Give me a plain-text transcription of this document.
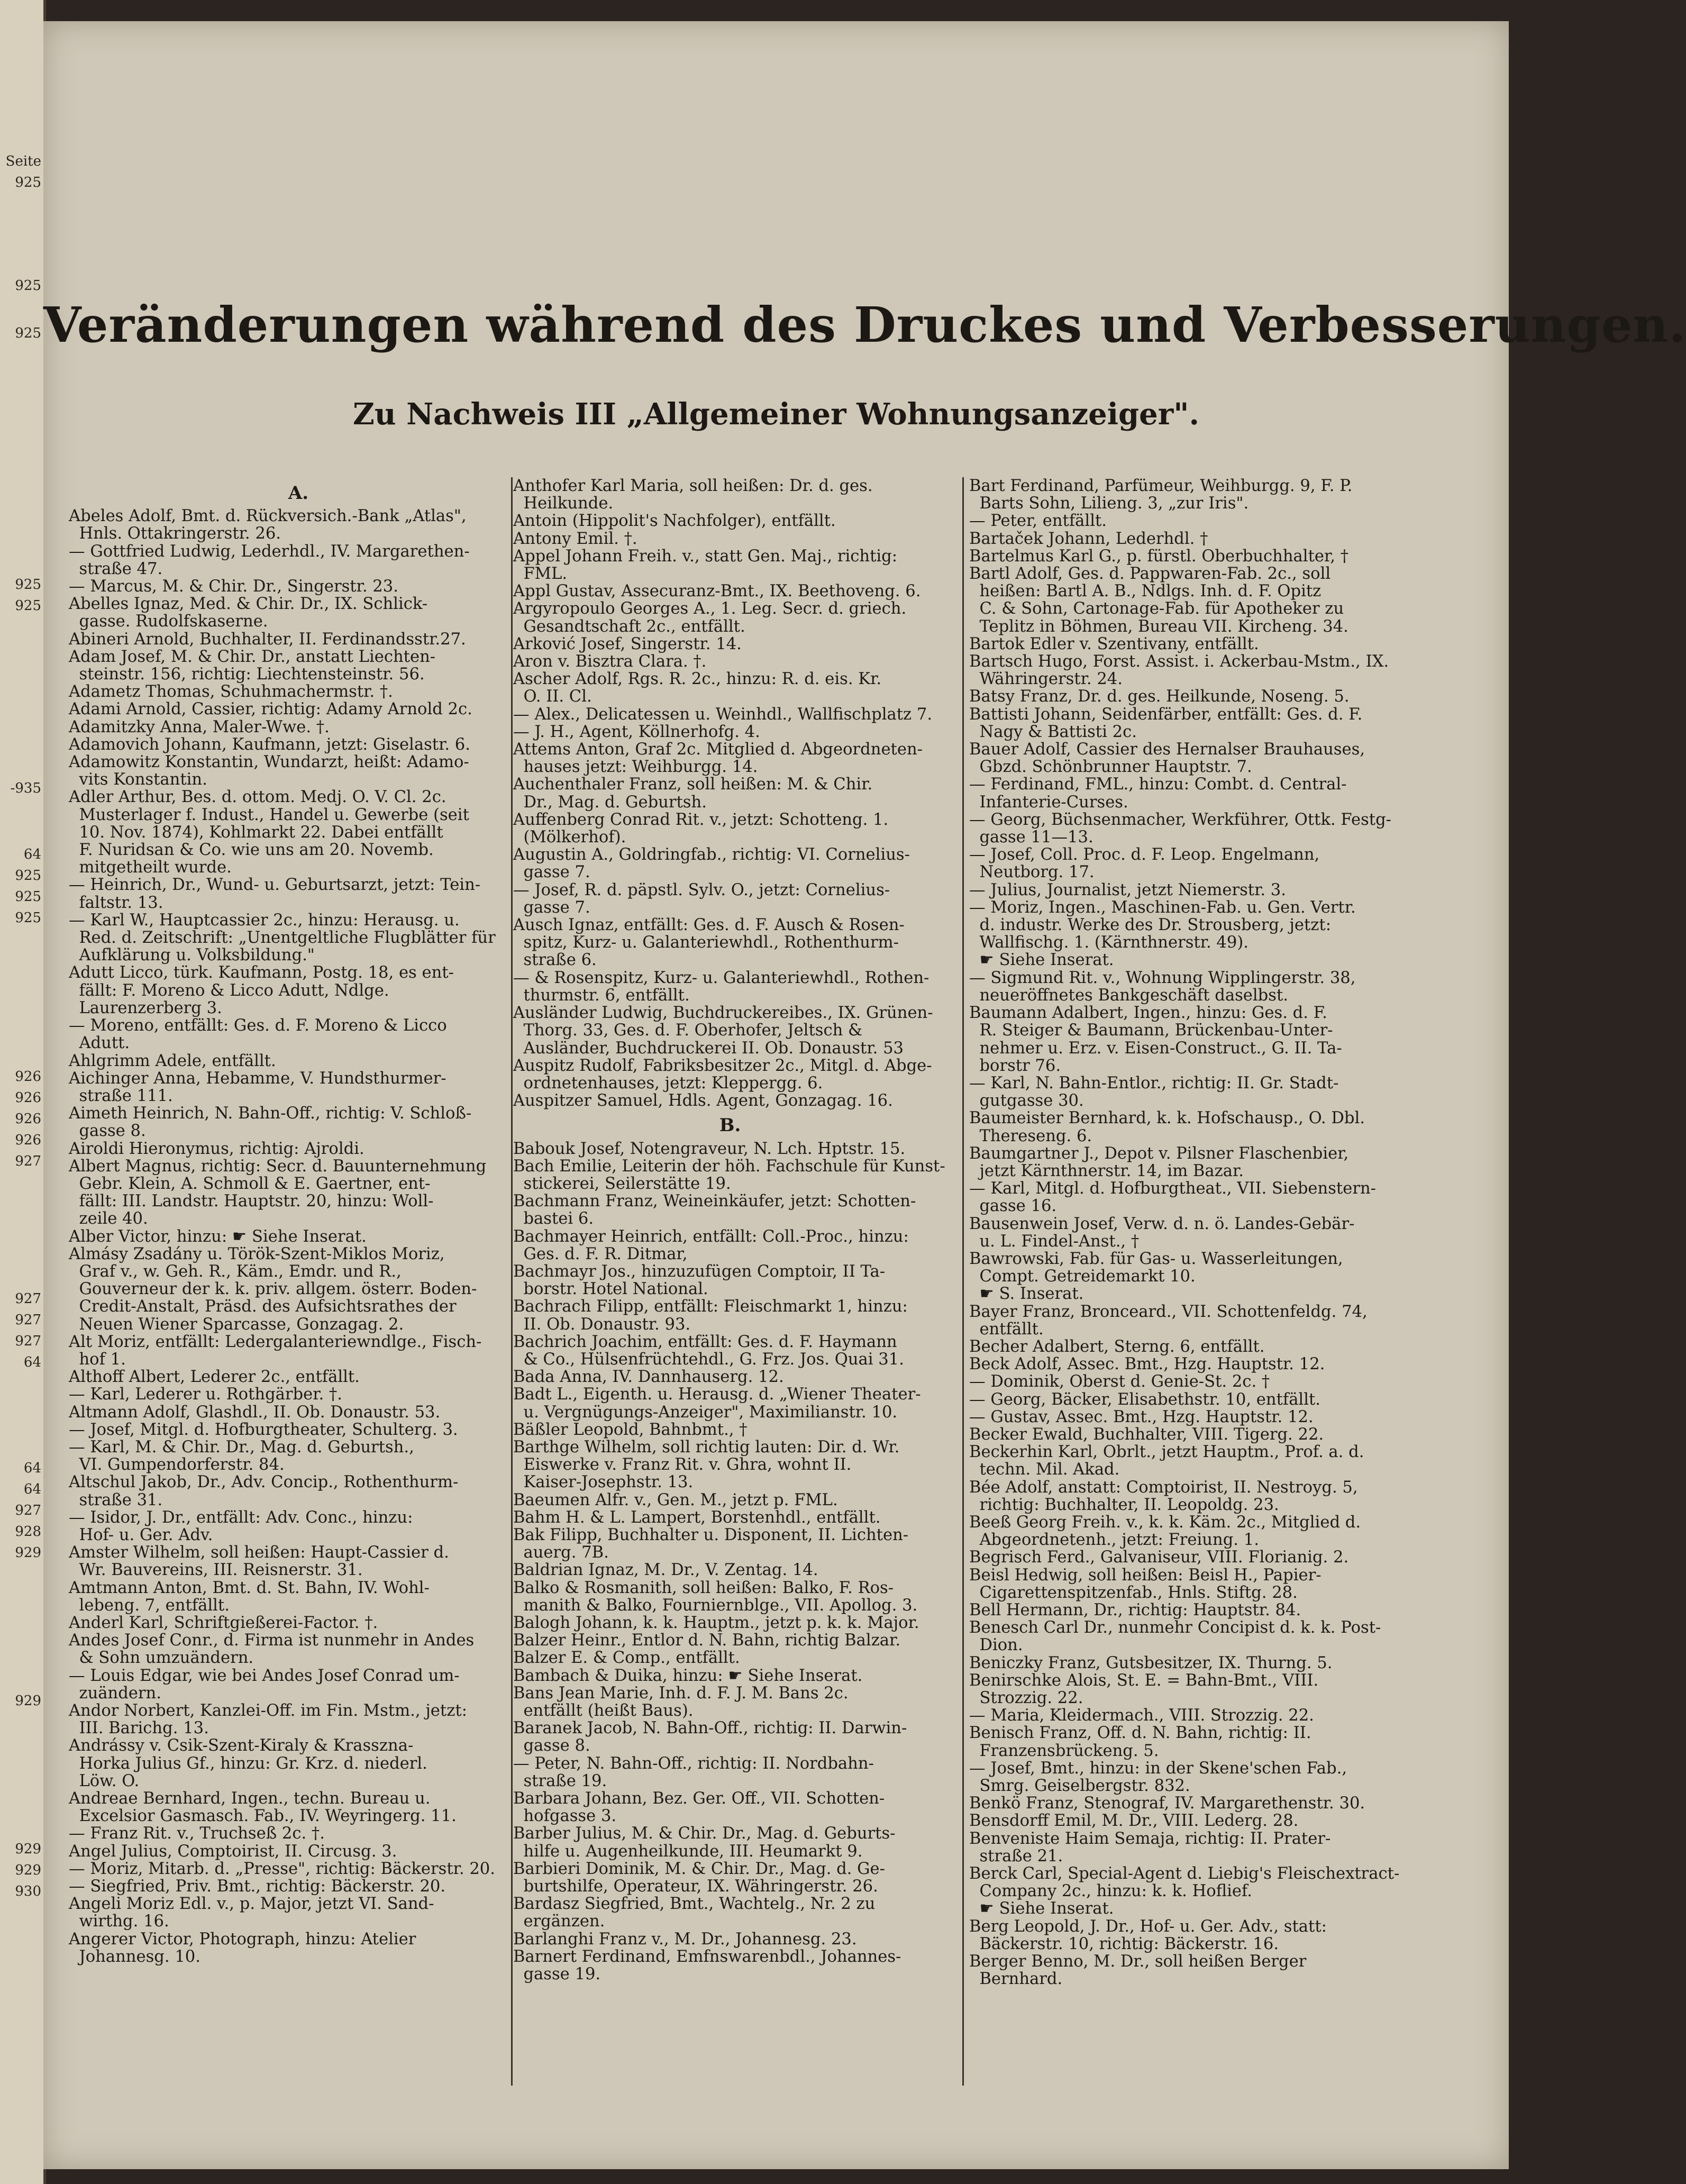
Seite
925
925
925
925
925
-935
64
925
925
925
926
926
926
926
927
927
927
927
64
64
64
927
928
929
929
929
929
930
Veränderungen während des Druckes und Verbesserungen.
Zu Nachweis III „Allgemeiner Wohnungsanzeiger".

A.

Abeles Adolf, Bmt. d. Rückversich.-Bank „Atlas",

Hnls. Ottakringerstr. 26.

— Gottfried Ludwig, Lederhdl., IV. Margarethen-

straße 47.

— Marcus, M. & Chir. Dr., Singerstr. 23.

Abelles Ignaz, Med. & Chir. Dr., IX. Schlick-

gasse. Rudolfskaserne.

Abineri Arnold, Buchhalter, II. Ferdinandsstr.27.

Adam Josef, M. & Chir. Dr., anstatt Liechten-

steinstr. 156, richtig: Liechtensteinstr. 56.

Adametz Thomas, Schuhmachermstr. †.

Adami Arnold, Cassier, richtig: Adamy Arnold 2c.

Adamitzky Anna, Maler-Wwe. †.

Adamovich Johann, Kaufmann, jetzt: Giselastr. 6.

Adamowitz Konstantin, Wundarzt, heißt: Adamo-

vits Konstantin.

Adler Arthur, Bes. d. ottom. Medj. O. V. Cl. 2c.

Musterlager f. Indust., Handel u. Gewerbe (seit

10. Nov. 1874), Kohlmarkt 22. Dabei entfällt

F. Nuridsan & Co. wie uns am 20. Novemb.

mitgetheilt wurde.

— Heinrich, Dr., Wund- u. Geburtsarzt, jetzt: Tein-

faltstr. 13.

— Karl W., Hauptcassier 2c., hinzu: Herausg. u.

Red. d. Zeitschrift: „Unentgeltliche Flugblätter für

Aufklärung u. Volksbildung."

Adutt Licco, türk. Kaufmann, Postg. 18, es ent-

fällt: F. Moreno & Licco Adutt, Ndlge.

Laurenzerberg 3.

— Moreno, entfällt: Ges. d. F. Moreno & Licco

Adutt.

Ahlgrimm Adele, entfällt.

Aichinger Anna, Hebamme, V. Hundsthurmer-

straße 111.

Aimeth Heinrich, N. Bahn-Off., richtig: V. Schloß-

gasse 8.

Airoldi Hieronymus, richtig: Ajroldi.

Albert Magnus, richtig: Secr. d. Bauunternehmung

Gebr. Klein, A. Schmoll & E. Gaertner, ent-

fällt: III. Landstr. Hauptstr. 20, hinzu: Woll-

zeile 40.

Alber Victor, hinzu: ☛ Siehe Inserat.

Almásy Zsadány u. Török-Szent-Miklos Moriz,

Graf v., w. Geh. R., Käm., Emdr. und R.,

Gouverneur der k. k. priv. allgem. österr. Boden-

Credit-Anstalt, Präsd. des Aufsichtsrathes der

Neuen Wiener Sparcasse, Gonzagag. 2.

Alt Moriz, entfällt: Ledergalanteriewndlge., Fisch-

hof 1.

Althoff Albert, Lederer 2c., entfällt.

— Karl, Lederer u. Rothgärber. †.

Altmann Adolf, Glashdl., II. Ob. Donaustr. 53.

— Josef, Mitgl. d. Hofburgtheater, Schulterg. 3.

— Karl, M. & Chir. Dr., Mag. d. Geburtsh.,

VI. Gumpendorferstr. 84.

Altschul Jakob, Dr., Adv. Concip., Rothenthurm-

straße 31.

— Isidor, J. Dr., entfällt: Adv. Conc., hinzu:

Hof- u. Ger. Adv.

Amster Wilhelm, soll heißen: Haupt-Cassier d.

Wr. Bauvereins, III. Reisnerstr. 31.

Amtmann Anton, Bmt. d. St. Bahn, IV. Wohl-

lebeng. 7, entfällt.

Anderl Karl, Schriftgießerei-Factor. †.

Andes Josef Conr., d. Firma ist nunmehr in Andes

& Sohn umzuändern.

— Louis Edgar, wie bei Andes Josef Conrad um-

zuändern.

Andor Norbert, Kanzlei-Off. im Fin. Mstm., jetzt:

III. Barichg. 13.

Andrássy v. Csik-Szent-Kiraly & Krasszna-

Horka Julius Gf., hinzu: Gr. Krz. d. niederl.

Löw. O.

Andreae Bernhard, Ingen., techn. Bureau u.

Excelsior Gasmasch. Fab., IV. Weyringerg. 11.

— Franz Rit. v., Truchseß 2c. †.

Angel Julius, Comptoirist, II. Circusg. 3.

— Moriz, Mitarb. d. „Presse", richtig: Bäckerstr. 20.

— Siegfried, Priv. Bmt., richtig: Bäckerstr. 20.

Angeli Moriz Edl. v., p. Major, jetzt VI. Sand-

wirthg. 16.

Angerer Victor, Photograph, hinzu: Atelier

Johannesg. 10.

Anthofer Karl Maria, soll heißen: Dr. d. ges.

Heilkunde.

Antoin (Hippolit's Nachfolger), entfällt.

Antony Emil. †.

Appel Johann Freih. v., statt Gen. Maj., richtig:

FML.

Appl Gustav, Assecuranz-Bmt., IX. Beethoveng. 6.

Argyropoulo Georges A., 1. Leg. Secr. d. griech.

Gesandtschaft 2c., entfällt.

Arković Josef, Singerstr. 14.

Aron v. Bisztra Clara. †.

Ascher Adolf, Rgs. R. 2c., hinzu: R. d. eis. Kr.

O. II. Cl.

— Alex., Delicatessen u. Weinhdl., Wallfischplatz 7.

— J. H., Agent, Köllnerhofg. 4.

Attems Anton, Graf 2c. Mitglied d. Abgeordneten-

hauses jetzt: Weihburgg. 14.

Auchenthaler Franz, soll heißen: M. & Chir.

Dr., Mag. d. Geburtsh.

Auffenberg Conrad Rit. v., jetzt: Schotteng. 1.

(Mölkerhof).

Augustin A., Goldringfab., richtig: VI. Cornelius-

gasse 7.

— Josef, R. d. päpstl. Sylv. O., jetzt: Cornelius-

gasse 7.

Ausch Ignaz, entfällt: Ges. d. F. Ausch & Rosen-

spitz, Kurz- u. Galanteriewhdl., Rothenthurm-

straße 6.

— & Rosenspitz, Kurz- u. Galanteriewhdl., Rothen-

thurmstr. 6, entfällt.

Ausländer Ludwig, Buchdruckereibes., IX. Grünen-

Thorg. 33, Ges. d. F. Oberhofer, Jeltsch &

Ausländer, Buchdruckerei II. Ob. Donaustr. 53

Auspitz Rudolf, Fabriksbesitzer 2c., Mitgl. d. Abge-

ordnetenhauses, jetzt: Kleppergg. 6.

Auspitzer Samuel, Hdls. Agent, Gonzagag. 16.

B.

Babouk Josef, Notengraveur, N. Lch. Hptstr. 15.

Bach Emilie, Leiterin der höh. Fachschule für Kunst-

stickerei, Seilerstätte 19.

Bachmann Franz, Weineinkäufer, jetzt: Schotten-

bastei 6.

Bachmayer Heinrich, entfällt: Coll.-Proc., hinzu:

Ges. d. F. R. Ditmar,

Bachmayr Jos., hinzuzufügen Comptoir, II Ta-

borstr. Hotel National.

Bachrach Filipp, entfällt: Fleischmarkt 1, hinzu:

II. Ob. Donaustr. 93.

Bachrich Joachim, entfällt: Ges. d. F. Haymann

& Co., Hülsenfrüchtehdl., G. Frz. Jos. Quai 31.

Bada Anna, IV. Dannhauserg. 12.

Badt L., Eigenth. u. Herausg. d. „Wiener Theater-

u. Vergnügungs-Anzeiger", Maximilianstr. 10.

Bäßler Leopold, Bahnbmt., †

Barthge Wilhelm, soll richtig lauten: Dir. d. Wr.

Eiswerke v. Franz Rit. v. Ghra, wohnt II.

Kaiser-Josephstr. 13.

Baeumen Alfr. v., Gen. M., jetzt p. FML.

Bahm H. & L. Lampert, Borstenhdl., entfällt.

Bak Filipp, Buchhalter u. Disponent, II. Lichten-

auerg. 7B.

Baldrian Ignaz, M. Dr., V. Zentag. 14.

Balko & Rosmanith, soll heißen: Balko, F. Ros-

manith & Balko, Fourniernblge., VII. Apollog. 3.

Balogh Johann, k. k. Hauptm., jetzt p. k. k. Major.

Balzer Heinr., Entlor d. N. Bahn, richtig Balzar.

Balzer E. & Comp., entfällt.

Bambach & Duika, hinzu: ☛ Siehe Inserat.

Bans Jean Marie, Inh. d. F. J. M. Bans 2c.

entfällt (heißt Baus).

Baranek Jacob, N. Bahn-Off., richtig: II. Darwin-

gasse 8.

— Peter, N. Bahn-Off., richtig: II. Nordbahn-

straße 19.

Barbara Johann, Bez. Ger. Off., VII. Schotten-

hofgasse 3.

Barber Julius, M. & Chir. Dr., Mag. d. Geburts-

hilfe u. Augenheilkunde, III. Heumarkt 9.

Barbieri Dominik, M. & Chir. Dr., Mag. d. Ge-

burtshilfe, Operateur, IX. Währingerstr. 26.

Bardasz Siegfried, Bmt., Wachtelg., Nr. 2 zu

ergänzen.

Barlanghi Franz v., M. Dr., Johannesg. 23.

Barnert Ferdinand, Emfnswarenbdl., Johannes-

gasse 19.

Bart Ferdinand, Parfümeur, Weihburgg. 9, F. P.

Barts Sohn, Lilieng. 3, „zur Iris".

— Peter, entfällt.

Bartaček Johann, Lederhdl. †

Bartelmus Karl G., p. fürstl. Oberbuchhalter, †

Bartl Adolf, Ges. d. Pappwaren-Fab. 2c., soll

heißen: Bartl A. B., Ndlgs. Inh. d. F. Opitz

C. & Sohn, Cartonage-Fab. für Apotheker zu

Teplitz in Böhmen, Bureau VII. Kircheng. 34.

Bartok Edler v. Szentivany, entfällt.

Bartsch Hugo, Forst. Assist. i. Ackerbau-Mstm., IX.

Währingerstr. 24.

Batsy Franz, Dr. d. ges. Heilkunde, Noseng. 5.

Battisti Johann, Seidenfärber, entfällt: Ges. d. F.

Nagy & Battisti 2c.

Bauer Adolf, Cassier des Hernalser Brauhauses,

Gbzd. Schönbrunner Hauptstr. 7.

— Ferdinand, FML., hinzu: Combt. d. Central-

Infanterie-Curses.

— Georg, Büchsenmacher, Werkführer, Ottk. Festg-

gasse 11—13.

— Josef, Coll. Proc. d. F. Leop. Engelmann,

Neutborg. 17.

— Julius, Journalist, jetzt Niemerstr. 3.

— Moriz, Ingen., Maschinen-Fab. u. Gen. Vertr.

d. industr. Werke des Dr. Strousberg, jetzt:

Wallfischg. 1. (Kärnthnerstr. 49).

☛ Siehe Inserat.

— Sigmund Rit. v., Wohnung Wipplingerstr. 38,

neueröffnetes Bankgeschäft daselbst.

Baumann Adalbert, Ingen., hinzu: Ges. d. F.

R. Steiger & Baumann, Brückenbau-Unter-

nehmer u. Erz. v. Eisen-Construct., G. II. Ta-

borstr 76.

— Karl, N. Bahn-Entlor., richtig: II. Gr. Stadt-

gutgasse 30.

Baumeister Bernhard, k. k. Hofschausp., O. Dbl.

Thereseng. 6.

Baumgartner J., Depot v. Pilsner Flaschenbier,

jetzt Kärnthnerstr. 14, im Bazar.

— Karl, Mitgl. d. Hofburgtheat., VII. Siebenstern-

gasse 16.

Bausenwein Josef, Verw. d. n. ö. Landes-Gebär-

u. L. Findel-Anst., †

Bawrowski, Fab. für Gas- u. Wasserleitungen,

Compt. Getreidemarkt 10.

☛ S. Inserat.

Bayer Franz, Bronceard., VII. Schottenfeldg. 74,

entfällt.

Becher Adalbert, Sterng. 6, entfällt.

Beck Adolf, Assec. Bmt., Hzg. Hauptstr. 12.

— Dominik, Oberst d. Genie-St. 2c. †

— Georg, Bäcker, Elisabethstr. 10, entfällt.

— Gustav, Assec. Bmt., Hzg. Hauptstr. 12.

Becker Ewald, Buchhalter, VIII. Tigerg. 22.

Beckerhin Karl, Obrlt., jetzt Hauptm., Prof. a. d.

techn. Mil. Akad.

Bée Adolf, anstatt: Comptoirist, II. Nestroyg. 5,

richtig: Buchhalter, II. Leopoldg. 23.

Beeß Georg Freih. v., k. k. Käm. 2c., Mitglied d.

Abgeordnetenh., jetzt: Freiung. 1.

Begrisch Ferd., Galvaniseur, VIII. Florianig. 2.

Beisl Hedwig, soll heißen: Beisl H., Papier-

Cigarettenspitzenfab., Hnls. Stiftg. 28.

Bell Hermann, Dr., richtig: Hauptstr. 84.

Benesch Carl Dr., nunmehr Concipist d. k. k. Post-

Dion.

Beniczky Franz, Gutsbesitzer, IX. Thurng. 5.

Benirschke Alois, St. E. = Bahn-Bmt., VIII.

Strozzig. 22.

— Maria, Kleidermach., VIII. Strozzig. 22.

Benisch Franz, Off. d. N. Bahn, richtig: II.

Franzensbrückeng. 5.

— Josef, Bmt., hinzu: in der Skene'schen Fab.,

Smrg. Geiselbergstr. 832.

Benkö Franz, Stenograf, IV. Margarethenstr. 30.

Bensdorff Emil, M. Dr., VIII. Lederg. 28.

Benveniste Haim Semaja, richtig: II. Prater-

straße 21.

Berck Carl, Special-Agent d. Liebig's Fleischextract-

Company 2c., hinzu: k. k. Hoflief.

☛ Siehe Inserat.

Berg Leopold, J. Dr., Hof- u. Ger. Adv., statt:

Bäckerstr. 10, richtig: Bäckerstr. 16.

Berger Benno, M. Dr., soll heißen Berger

Bernhard.
